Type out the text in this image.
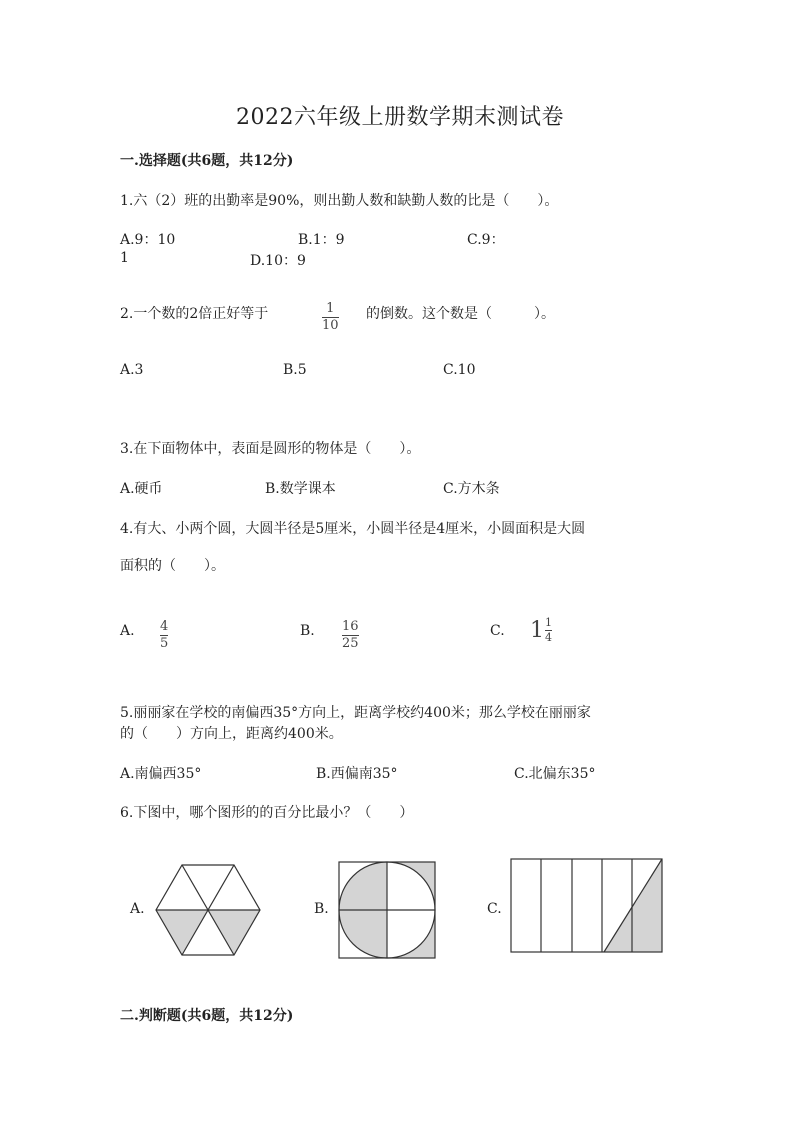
2022六年级上册数学期末测试卷
一.选择题(共6题，共12分)
1.六（2）班的出勤率是90%，则出勤人数和缺勤人数的比是（　　）。
A.9：10	B.1：9	C.9：
1	D.10：9
2.一个数的2倍正好等于	$\frac{1}{10}$ 的倒数。这个数是（　　　）。
A.3	B.5	C.10
3.在下面物体中，表面是圆形的物体是（　　）。
A.硬币	B.数学课本	C.方木条
4.有大、小两个圆，大圆半径是5厘米，小圆半径是4厘米，小圆面积是大圆
面积的（　　）。
A. $\frac{4}{5}$	B. $\frac{16}{25}$	C. $1 \frac{1}{4}$
5.丽丽家在学校的南偏西35°方向上，距离学校约400米；那么学校在丽丽家
的（　　）方向上，距离约400米。
A.南偏西35°	B.西偏南35°	C.北偏东35°
6.下图中，哪个图形的的百分比最小？（　　）
A.	B.	C.
二.判断题(共6题，共12分)
